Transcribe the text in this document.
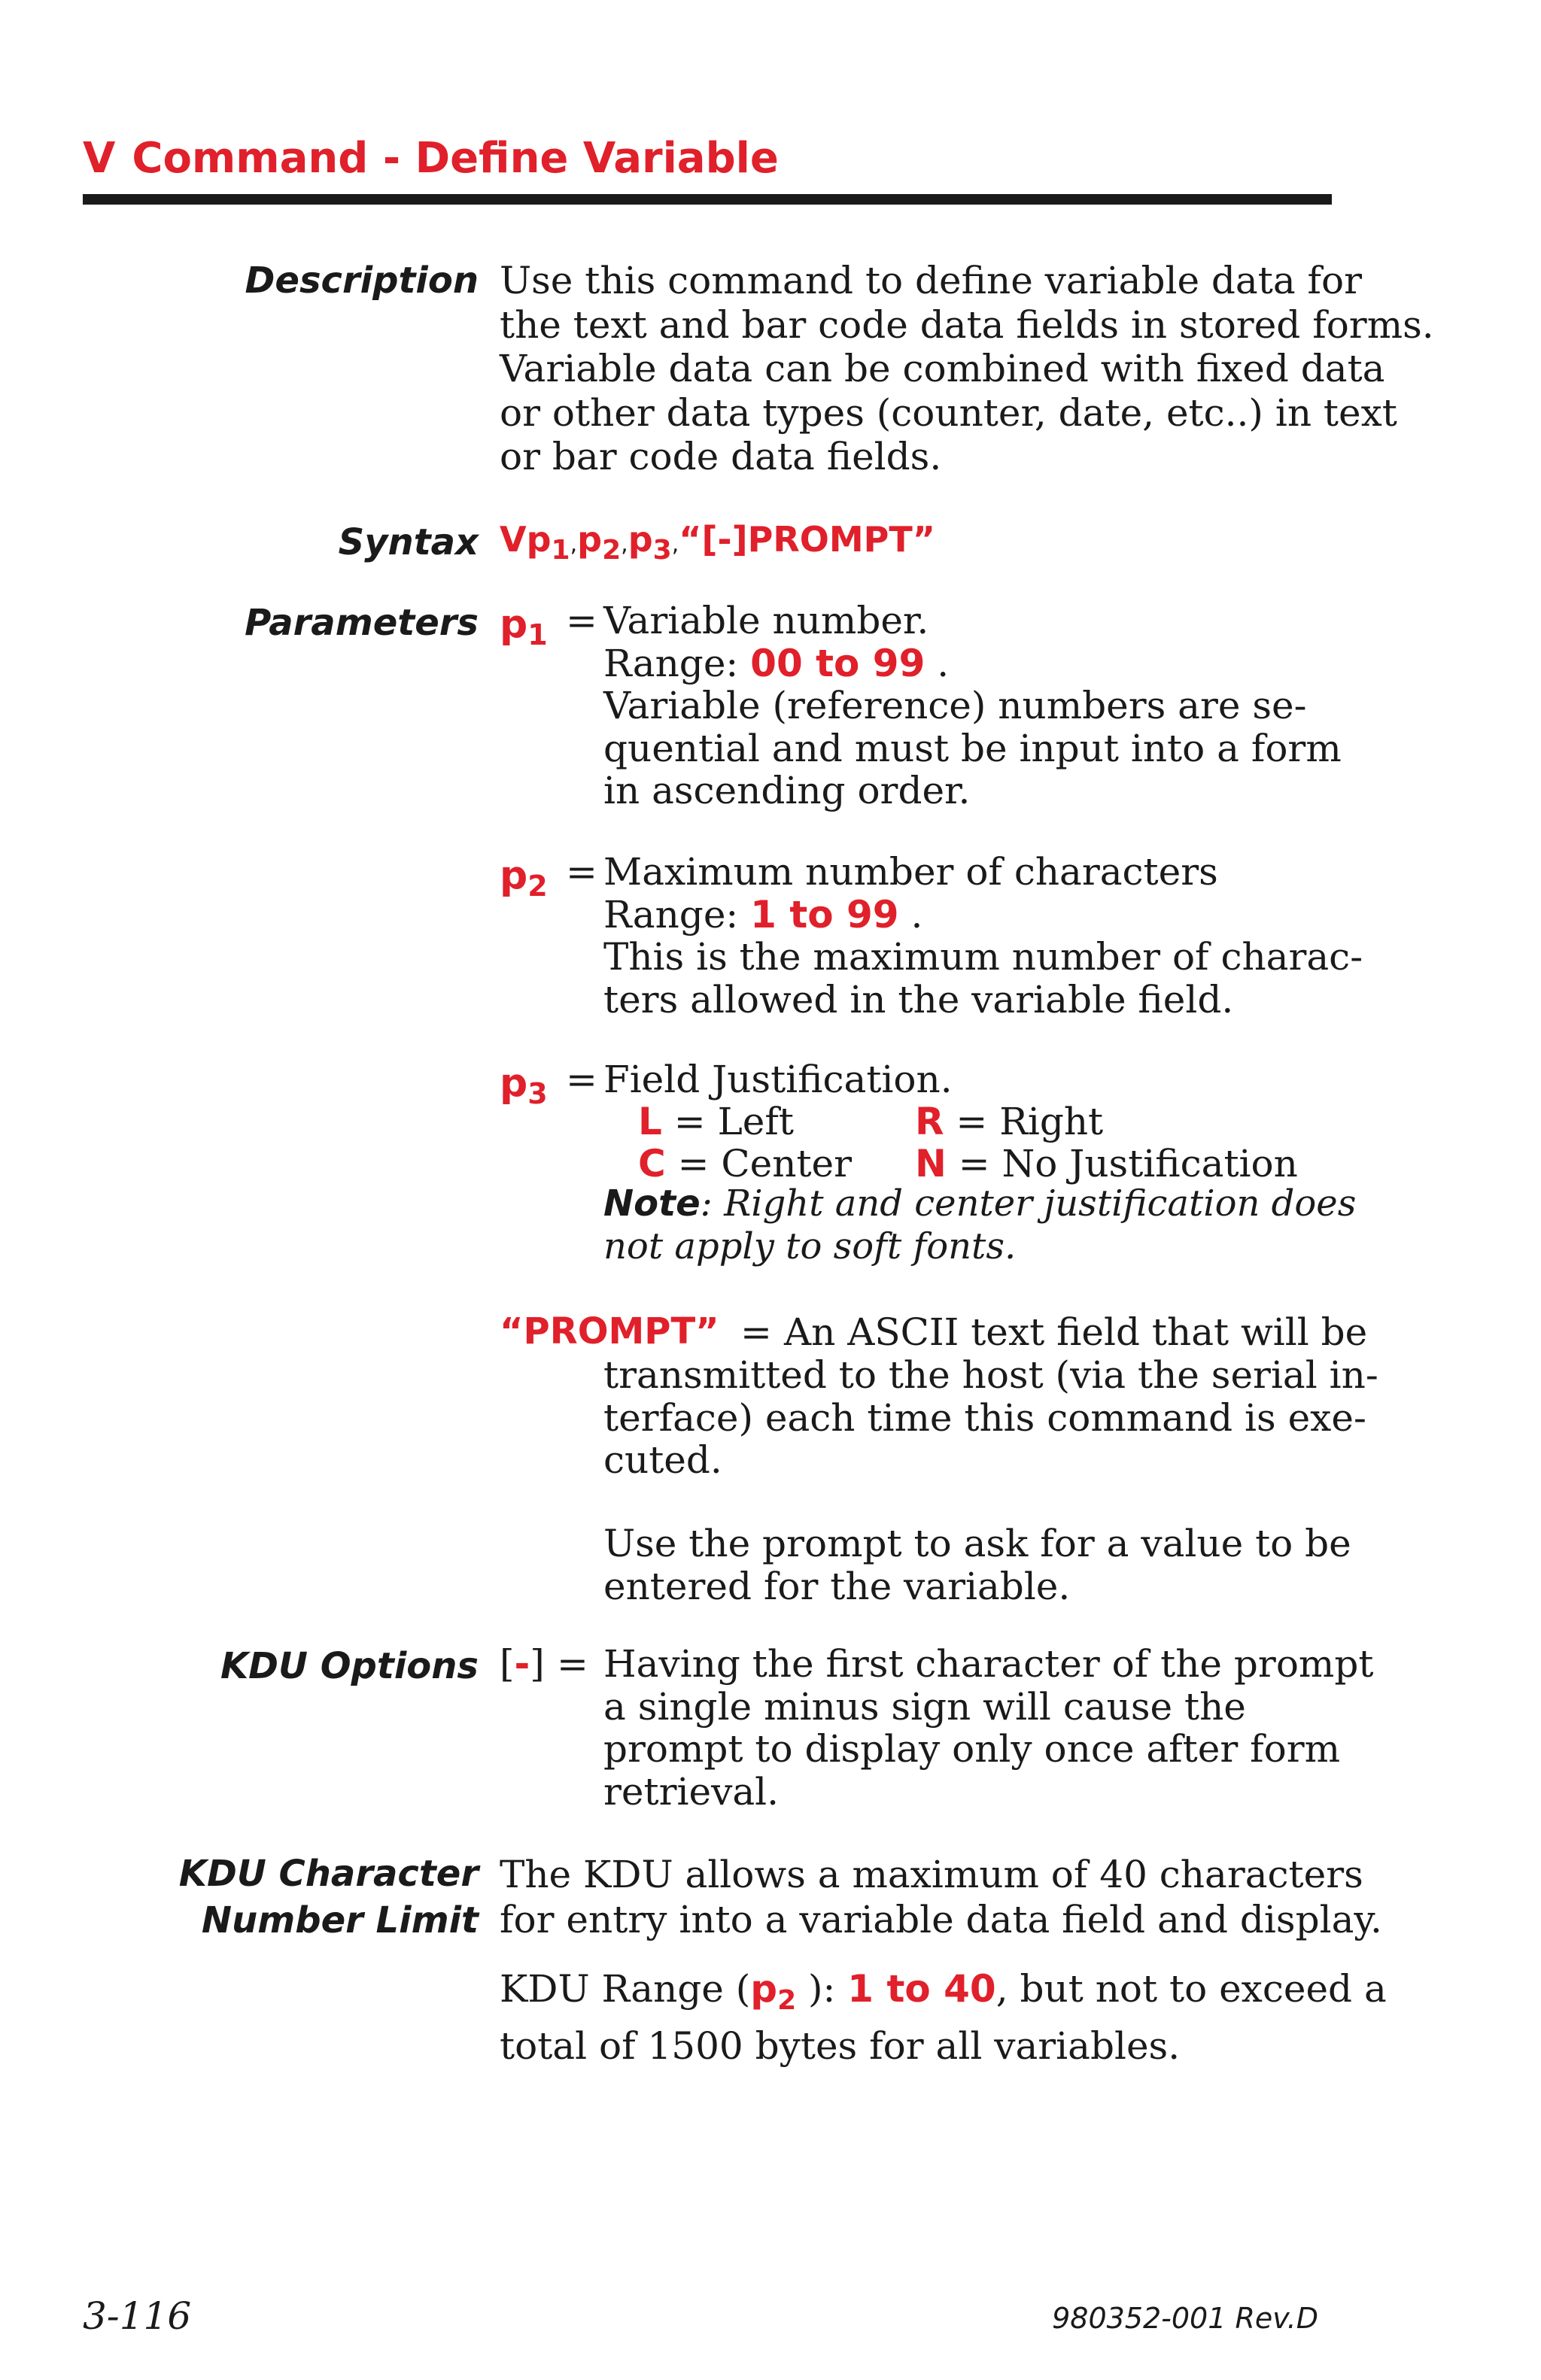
V Command - Define Variable
Description Use this command to define variable data for
the text and bar code data fields in stored forms.
Variable data can be combined with fixed data
or other data types (counter, date, etc..) in text
or bar code data fields.
Syntax $Vp_1,p_2,p_3,“[-]PROMPT$”
Parameters $p_1$ = Variable number.
Range: 00 to 99 .
Variable (reference) numbers are se-
quential and must be input into a form
in ascending order.
$p_2$ = Maximum number of characters
Range: 1 to 99 .
This is the maximum number of charac-
ters allowed in the variable field.
$p_3$ = Field Justification.
L = Left	R = Right
C = Center N = No Justification
Note: Right and center justification does
not apply to soft fonts.
“PROMPT” = An ASCII text field that will be
transmitted to the host (via the serial in-
terface) each time this command is exe-
cuted.
Use the prompt to ask for a value to be
entered for the variable.
KDU Options [-] = Having the first character of the prompt
a single minus sign will cause the
prompt to display only once after form
retrieval.
KDU Character
Number Limit
The KDU allows a maximum of 40 characters
for entry into a variable data field and display.
KDU Range ($p_2$ ): 1 to 40, but not to exceed a
total of 1500 bytes for all variables.
3-116	980352-001 Rev.D
